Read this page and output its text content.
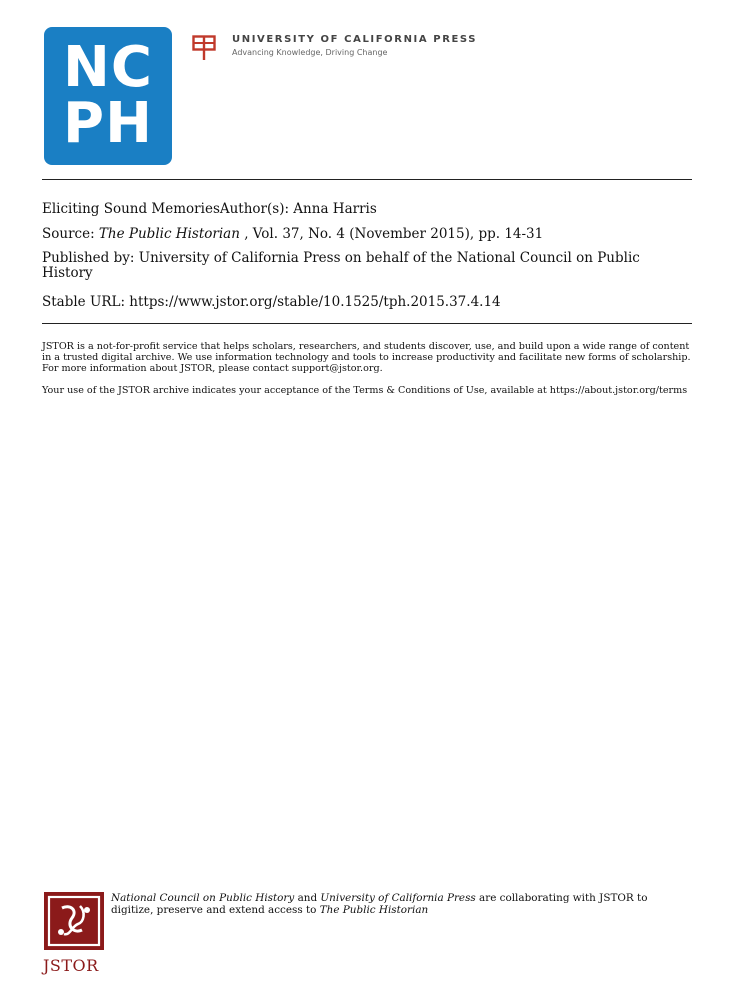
NC
PH
UNIVERSITY OF CALIFORNIA PRESS
Advancing Knowledge, Driving Change
Eliciting Sound MemoriesAuthor(s): Anna Harris
Source: The Public Historian , Vol. 37, No. 4 (November 2015), pp. 14-31
Published by: University of California Press on behalf of the National Council on Public History
Stable URL: https://www.jstor.org/stable/10.1525/tph.2015.37.4.14
JSTOR is a not-for-profit service that helps scholars, researchers, and students discover, use, and build upon a wide range of content in a trusted digital archive. We use information technology and tools to increase productivity and facilitate new forms of scholarship. For more information about JSTOR, please contact support@jstor.org.
Your use of the JSTOR archive indicates your acceptance of the Terms & Conditions of Use, available at https://about.jstor.org/terms
JSTOR
National Council on Public History and University of California Press are collaborating with JSTOR to digitize, preserve and extend access to The Public Historian
